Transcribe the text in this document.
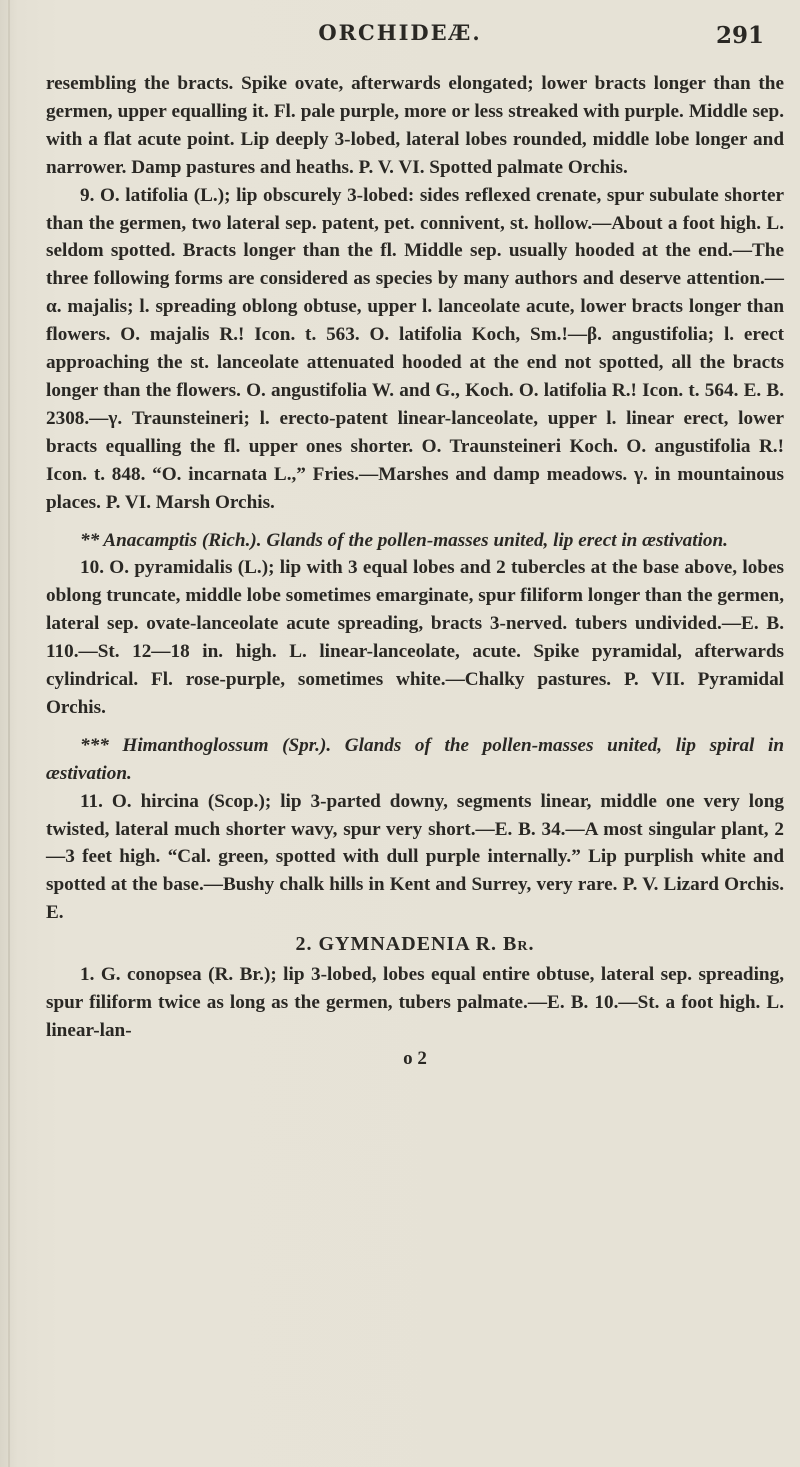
ORCHIDEÆ.	291

resembling the bracts. Spike ovate, afterwards elongated; lower bracts longer than the germen, upper equalling it. Fl. pale purple, more or less streaked with purple. Middle sep. with a flat acute point. Lip deeply 3-lobed, lateral lobes rounded, middle lobe longer and narrower. Damp pastures and heaths. P. V. VI. Spotted palmate Orchis.

9. O. latifolia (L.); lip obscurely 3-lobed: sides reflexed crenate, spur subulate shorter than the germen, two lateral sep. patent, pet. connivent, st. hollow.—About a foot high. L. seldom spotted. Bracts longer than the fl. Middle sep. usually hooded at the end.—The three following forms are considered as species by many authors and deserve attention.—α. majalis; l. spreading oblong obtuse, upper l. lanceolate acute, lower bracts longer than flowers. O. majalis R.! Icon. t. 563. O. latifolia Koch, Sm.!—β. angustifolia; l. erect approaching the st. lanceolate attenuated hooded at the end not spotted, all the bracts longer than the flowers. O. angustifolia W. and G., Koch. O. latifolia R.! Icon. t. 564. E. B. 2308.—γ. Traunsteineri; l. erecto-patent linear-lanceolate, upper l. linear erect, lower bracts equalling the fl. upper ones shorter. O. Traunsteineri Koch. O. angustifolia R.! Icon. t. 848. “O. incarnata L.,” Fries.—Marshes and damp meadows. γ. in mountainous places. P. VI. Marsh Orchis.

** Anacamptis (Rich.). Glands of the pollen-masses united, lip erect in æstivation.

10. O. pyramidalis (L.); lip with 3 equal lobes and 2 tubercles at the base above, lobes oblong truncate, middle lobe sometimes emarginate, spur filiform longer than the germen, lateral sep. ovate-lanceolate acute spreading, bracts 3-nerved. tubers undivided.—E. B. 110.—St. 12—18 in. high. L. linear-lanceolate, acute. Spike pyramidal, afterwards cylindrical. Fl. rose-purple, sometimes white.—Chalky pastures. P. VII. Pyramidal Orchis.

*** Himanthoglossum (Spr.). Glands of the pollen-masses united, lip spiral in æstivation.

11. O. hircina (Scop.); lip 3-parted downy, segments linear, middle one very long twisted, lateral much shorter wavy, spur very short.—E. B. 34.—A most singular plant, 2—3 feet high. “Cal. green, spotted with dull purple internally.” Lip purplish white and spotted at the base.—Bushy chalk hills in Kent and Surrey, very rare. P. V. Lizard Orchis. E.

2. GYMNADENIA R. Br.

1. G. conopsea (R. Br.); lip 3-lobed, lobes equal entire obtuse, lateral sep. spreading, spur filiform twice as long as the germen, tubers palmate.—E. B. 10.—St. a foot high. L. linear-lan-

o 2
